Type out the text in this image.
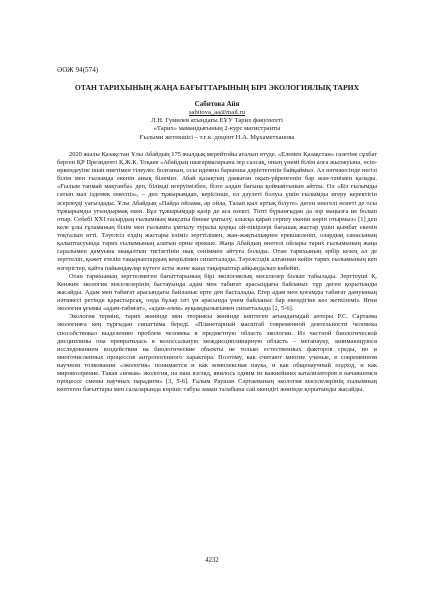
ӘОЖ 94(574)

ОТАН ТАРИХЫНЫҢ ЖАҢА БАҒЫТТАРЫНЫҢ БІРІ ЭКОЛОГИЯЛЫҚ ТАРИХ

Сабитова Айя

sabitova_aa@mail.ru

Л.Н. Гумилев атындағы ЕҰУ Тарих факультеті

«Тарих» мамандығының 2-курс магистранты

Ғылыми жетекшісі – т.ғ.к. доцент Н.А. Мұхаметханова

2020 жылы Қазақстан Ұлы Абайдың 175 жылдық мерейтойы аталып өтуде. «Елемен Қазақстан» газетіне сұхбат берген ҚР Президенті Қ.Ж.К. Тоқаев «Абайдың шығармаларына зер салсақ, оның үнемі білім алға жылжуына, өсіп-өркендеуіне шын ниетімен тілеулес болғанын, осы идеяны барынша дәріптегенін байқаймыз. Ал нәтижесінде негізі білім мен ғылымда екенін анық білемиз. Абай қазақтың дамыған оқып-үйренгенін бар жан-тәнімен қалады. «Ғылым тапмай мақтанба» деп, білімді игеруімізбен, бізге алдан бағына қоймайтынын айтты. Ол «Біз ғылымды сатып мал іздемек емеспіз», – деп тұжырымдап, керісінше, ел дәулеті болуы үшін ғылымды игеру керектігін әсерлеуді уағыздады. Ұлы Абайдың «Пайда ойлама, ар ойла, Талап қыл артық білуге» деген өнегелі өсиеті де осы тұжырымды уғындырмақ екен. Бұл тұжырымдар қазір де аса өзекті. Тіпті бүрынғыдан да зор маңызға ие болып отыр. Себебі XXI ғасырдың ғылымның мақсаты бінеке ұмтылу, алысқа қарап серпеу екенін көріп отырмыз» [1] деп келе ұлы ғұламаның білім мен ғылымға ұмтылу туралы қорқы ой-пікірлері бағашақ жастар үшін қымбат екенін тоқталып өтті. Тәуелсіз елдің жастары еліміз зерттілімен, жан-жақтылықпен ерекшеленіп, олардың санасының қалыптасуында тарих ғылымының алатын орны ерекше. Жаңа Абайдың өнегелі ойлары тарих ғылымының жаңа саралымен дамуына мықалтын тигізетінін нық сеніммен айтуға болады. Отан тарихының әрбір кезең ал де зерттеліп, қажет етеліп тақырыптардың кеңпілімен сипатталады. Тәуелсіздік алғаннан кейін тарих ғылымының кеп өзгерістер, қайта пайымдаулар күтеге асты және жаңа тақырыптар айқындалып көбейіп.

Отан тарихының зерттелмеген бағыттарының бірі экологиялық мәселелер болып табылады. Зерттеуші Қ. Кенжин экология мәселелерінің бастауында адам мен табиғат арасындағы байланыс тұр деген қорытынды жасайды. Адам мен табиғат арасындағы байланыс ерте ден басталады. Егер адам мен қоғамды табиғат дамуының нәтижесі ретінде қарастырсақ, онда бұлар ізгі үн арасында үнем байланыс бар екендігіне көз жеткіземіз. Яғни экология ұғымы «адам-табиғат», «адам-әлем» ауқымдылығымен сипатталады [2, 5-6].

Экология терміні, тарих жөнінде мен теориясы жөнінде көптеген ағымдағыдай анторы Р.С. Сартаева экологияға кең тұрғыдан сипаттама береді. «Планетарный масштаб современной деятельности человека способствовал выделению проблем человека в предметную область экологии. Из частной биологической дисциплины она превратилась в колоссальную междисциплинарную область – мегапауку, занимающуюся исследованием воздействия на биологические объекты не только естественных факторов среды, но и многочисленных процессов антропогенного характера. Поэтому, как считают многие ученые, в современном научном толковании «экология» понимается и как комплексная наука, и как общенаучный подход, и как мировоззрение. Такая «новая» экология, на наш взгляд, явилось одним из важнейших катализаторов в начавшемся процессе смены научных парадигм» [3, 5-6]. Ғалым Раушан Сәртаеваның экология мәселелерінің ғылымның көптеген бағыттары мен салаларында көрініс табуы заман талабына сай екендігі жөнінде қорытынды жасайды.

4232
